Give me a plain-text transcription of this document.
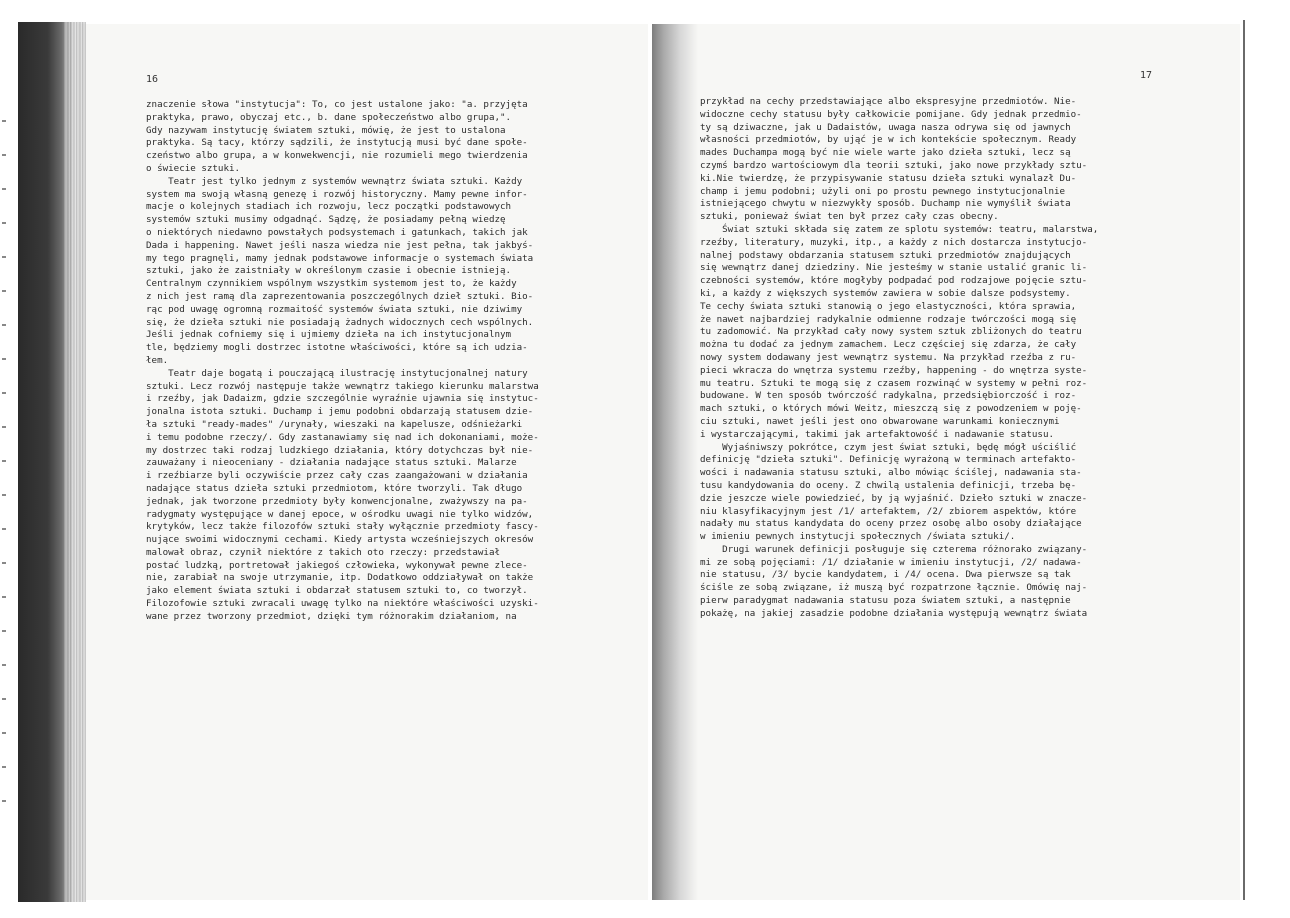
16	17
znaczenie słowa "instytucja": To, co jest ustalone jako: "a. przyjęta
praktyka, prawo, obyczaj etc., b. dane społeczeństwo albo grupa,".
Gdy nazywam instytucję światem sztuki, mówię, że jest to ustalona
praktyka. Są tacy, którzy sądzili, że instytucją musi być dane społe-
czeństwo albo grupa, a w konwekwencji, nie rozumieli mego twierdzenia
o świecie sztuki.
Teatr jest tylko jednym z systemów wewnątrz świata sztuki. Każdy
system ma swoją własną genezę i rozwój historyczny. Mamy pewne infor-
macje o kolejnych stadiach ich rozwoju, lecz początki podstawowych
systemów sztuki musimy odgadnąć. Sądzę, że posiadamy pełną wiedzę
o niektórych niedawno powstałych podsystemach i gatunkach, takich jak
Dada i happening. Nawet jeśli nasza wiedza nie jest pełna, tak jakbyś-
my tego pragnęli, mamy jednak podstawowe informacje o systemach świata
sztuki, jako że zaistniały w określonym czasie i obecnie istnieją.
Centralnym czynnikiem wspólnym wszystkim systemom jest to, że każdy
z nich jest ramą dla zaprezentowania poszczególnych dzieł sztuki. Bio-
rąc pod uwagę ogromną rozmaitość systemów świata sztuki, nie dziwimy
się, że dzieła sztuki nie posiadają żadnych widocznych cech wspólnych.
Jeśli jednak cofniemy się i ujmiemy dzieła na ich instytucjonalnym
tle, będziemy mogli dostrzec istotne właściwości, które są ich udzia-
łem.
Teatr daje bogatą i pouczającą ilustrację instytucjonalnej natury
sztuki. Lecz rozwój następuje także wewnątrz takiego kierunku malarstwa
i rzeźby, jak Dadaizm, gdzie szczególnie wyraźnie ujawnia się instytuc-
jonalna istota sztuki. Duchamp i jemu podobni obdarzają statusem dzie-
ła sztuki "ready-mades" /urynały, wieszaki na kapelusze, odśnieżarki
i temu podobne rzeczy/. Gdy zastanawiamy się nad ich dokonaniami, może-
my dostrzec taki rodzaj ludzkiego działania, który dotychczas był nie-
zauważany i nieoceniany - działania nadające status sztuki. Malarze
i rzeźbiarze byli oczywiście przez cały czas zaangażowani w działania
nadające status dzieła sztuki przedmiotom, które tworzyli. Tak długo
jednak, jak tworzone przedmioty były konwencjonalne, zważywszy na pa-
radygmaty występujące w danej epoce, w ośrodku uwagi nie tylko widzów,
krytyków, lecz także filozofów sztuki stały wyłącznie przedmioty fascy-
nujące swoimi widocznymi cechami. Kiedy artysta wcześniejszych okresów
malował obraz, czynił niektóre z takich oto rzeczy: przedstawiał
postać ludzką, portretował jakiegoś człowieka, wykonywał pewne zlece-
nie, zarabiał na swoje utrzymanie, itp. Dodatkowo oddziaływał on także
jako element świata sztuki i obdarzał statusem sztuki to, co tworzył.
Filozofowie sztuki zwracali uwagę tylko na niektóre właściwości uzyski-
wane przez tworzony przedmiot, dzięki tym różnorakim działaniom, na
przykład na cechy przedstawiające albo ekspresyjne przedmiotów. Nie-
widoczne cechy statusu były całkowicie pomijane. Gdy jednak przedmio-
ty są dziwaczne, jak u Dadaistów, uwaga nasza odrywa się od jawnych
własności przedmiotów, by ująć je w ich kontekście społecznym. Ready
mades Duchampa mogą być nie wiele warte jako dzieła sztuki, lecz są
czymś bardzo wartościowym dla teorii sztuki, jako nowe przykłady sztu-
ki.Nie twierdzę, że przypisywanie statusu dzieła sztuki wynalazł Du-
champ i jemu podobni; użyli oni po prostu pewnego instytucjonalnie
istniejącego chwytu w niezwykły sposób. Duchamp nie wymyślił świata
sztuki, ponieważ świat ten był przez cały czas obecny.
Świat sztuki składa się zatem ze splotu systemów: teatru, malarstwa,
rzeźby, literatury, muzyki, itp., a każdy z nich dostarcza instytucjo-
nalnej podstawy obdarzania statusem sztuki przedmiotów znajdujących
się wewnątrz danej dziedziny. Nie jesteśmy w stanie ustalić granic li-
czebności systemów, które mogłyby podpadać pod rodzajowe pojęcie sztu-
ki, a każdy z większych systemów zawiera w sobie dalsze podsystemy.
Te cechy świata sztuki stanowią o jego elastyczności, która sprawia,
że nawet najbardziej radykalnie odmienne rodzaje twórczości mogą się
tu zadomowić. Na przykład cały nowy system sztuk zbliżonych do teatru
można tu dodać za jednym zamachem. Lecz częściej się zdarza, że cały
nowy system dodawany jest wewnątrz systemu. Na przykład rzeźba z ru-
pieci wkracza do wnętrza systemu rzeźby, happening - do wnętrza syste-
mu teatru. Sztuki te mogą się z czasem rozwinąć w systemy w pełni roz-
budowane. W ten sposób twórczość radykalna, przedsiębiorczość i roz-
mach sztuki, o których mówi Weitz, mieszczą się z powodzeniem w poję-
ciu sztuki, nawet jeśli jest ono obwarowane warunkami koniecznymi
i wystarczającymi, takimi jak artefaktowość i nadawanie statusu.
Wyjaśniwszy pokrótce, czym jest świat sztuki, będę mógł uściślić
definicję "dzieła sztuki". Definicję wyrażoną w terminach artefakto-
wości i nadawania statusu sztuki, albo mówiąc ściślej, nadawania sta-
tusu kandydowania do oceny. Z chwilą ustalenia definicji, trzeba bę-
dzie jeszcze wiele powiedzieć, by ją wyjaśnić. Dzieło sztuki w znacze-
niu klasyfikacyjnym jest /1/ artefaktem, /2/ zbiorem aspektów, które
nadały mu status kandydata do oceny przez osobę albo osoby działające
w imieniu pewnych instytucji społecznych /świata sztuki/.
Drugi warunek definicji posługuje się czterema różnorako związany-
mi ze sobą pojęciami: /1/ działanie w imieniu instytucji, /2/ nadawa-
nie statusu, /3/ bycie kandydatem, i /4/ ocena. Dwa pierwsze są tak
ściśle ze sobą związane, iż muszą być rozpatrzone łącznie. Omówię naj-
pierw paradygmat nadawania statusu poza światem sztuki, a następnie
pokażę, na jakiej zasadzie podobne działania występują wewnątrz świata
